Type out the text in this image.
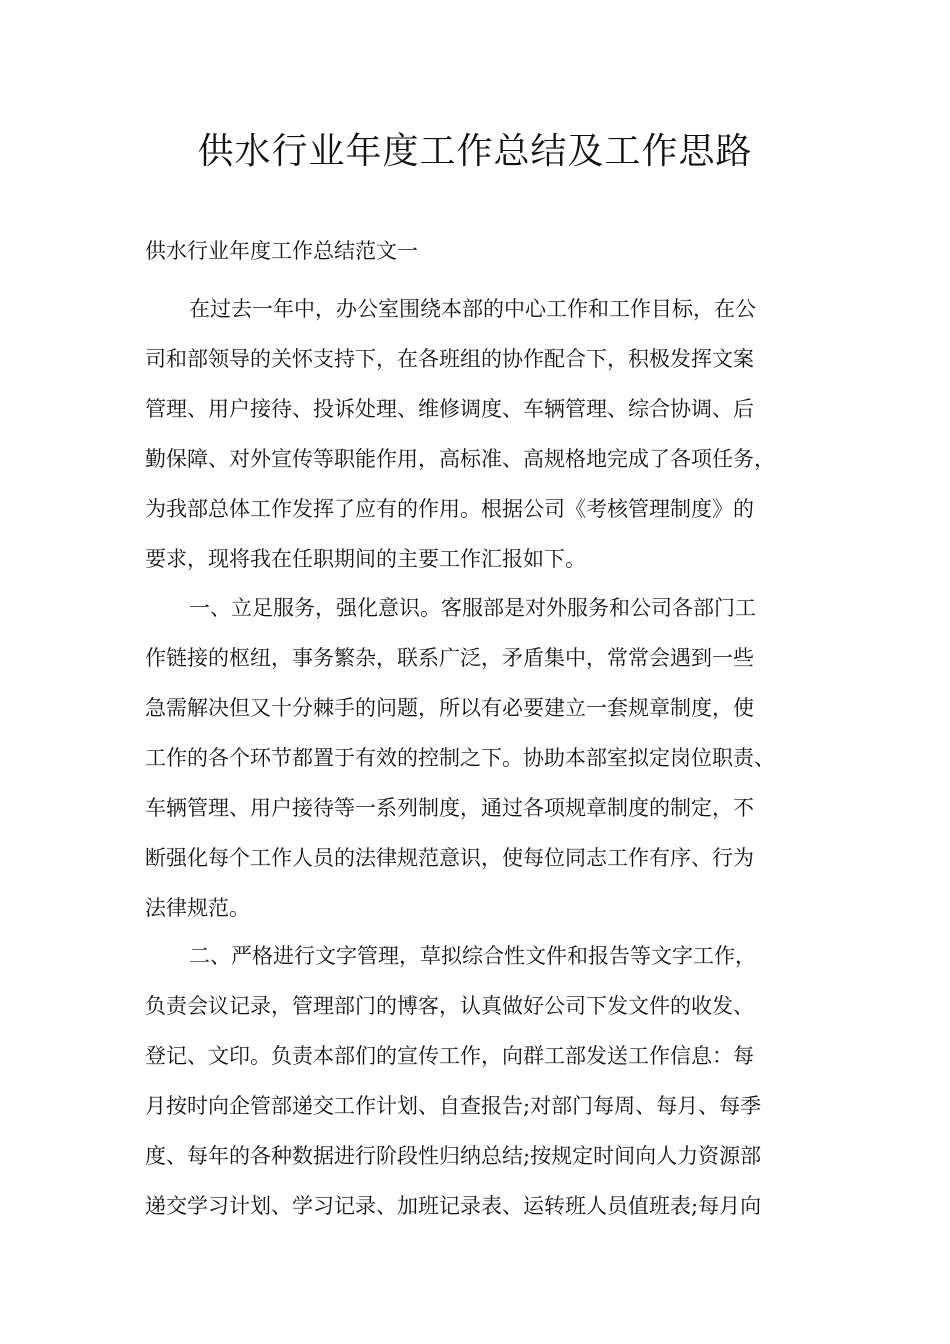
供水行业年度工作总结及工作思路
供水行业年度工作总结范文一

在过去一年中，办公室围绕本部的中心工作和工作目标，在公
司和部领导的关怀支持下，在各班组的协作配合下，积极发挥文案
管理、用户接待、投诉处理、维修调度、车辆管理、综合协调、后
勤保障、对外宣传等职能作用，高标准、高规格地完成了各项任务，
为我部总体工作发挥了应有的作用。根据公司《考核管理制度》的
要求，现将我在任职期间的主要工作汇报如下。

一、立足服务，强化意识。客服部是对外服务和公司各部门工
作链接的枢纽，事务繁杂，联系广泛，矛盾集中，常常会遇到一些
急需解决但又十分棘手的问题，所以有必要建立一套规章制度，使
工作的各个环节都置于有效的控制之下。协助本部室拟定岗位职责、
车辆管理、用户接待等一系列制度，通过各项规章制度的制定，不
断强化每个工作人员的法律规范意识，使每位同志工作有序、行为
法律规范。

二、严格进行文字管理，草拟综合性文件和报告等文字工作，
负责会议记录，管理部门的博客，认真做好公司下发文件的收发、
登记、文印。负责本部们的宣传工作，向群工部发送工作信息：每
月按时向企管部递交工作计划、自查报告;对部门每周、每月、每季
度、每年的各种数据进行阶段性归纳总结;按规定时间向人力资源部
递交学习计划、学习记录、加班记录表、运转班人员值班表;每月向
